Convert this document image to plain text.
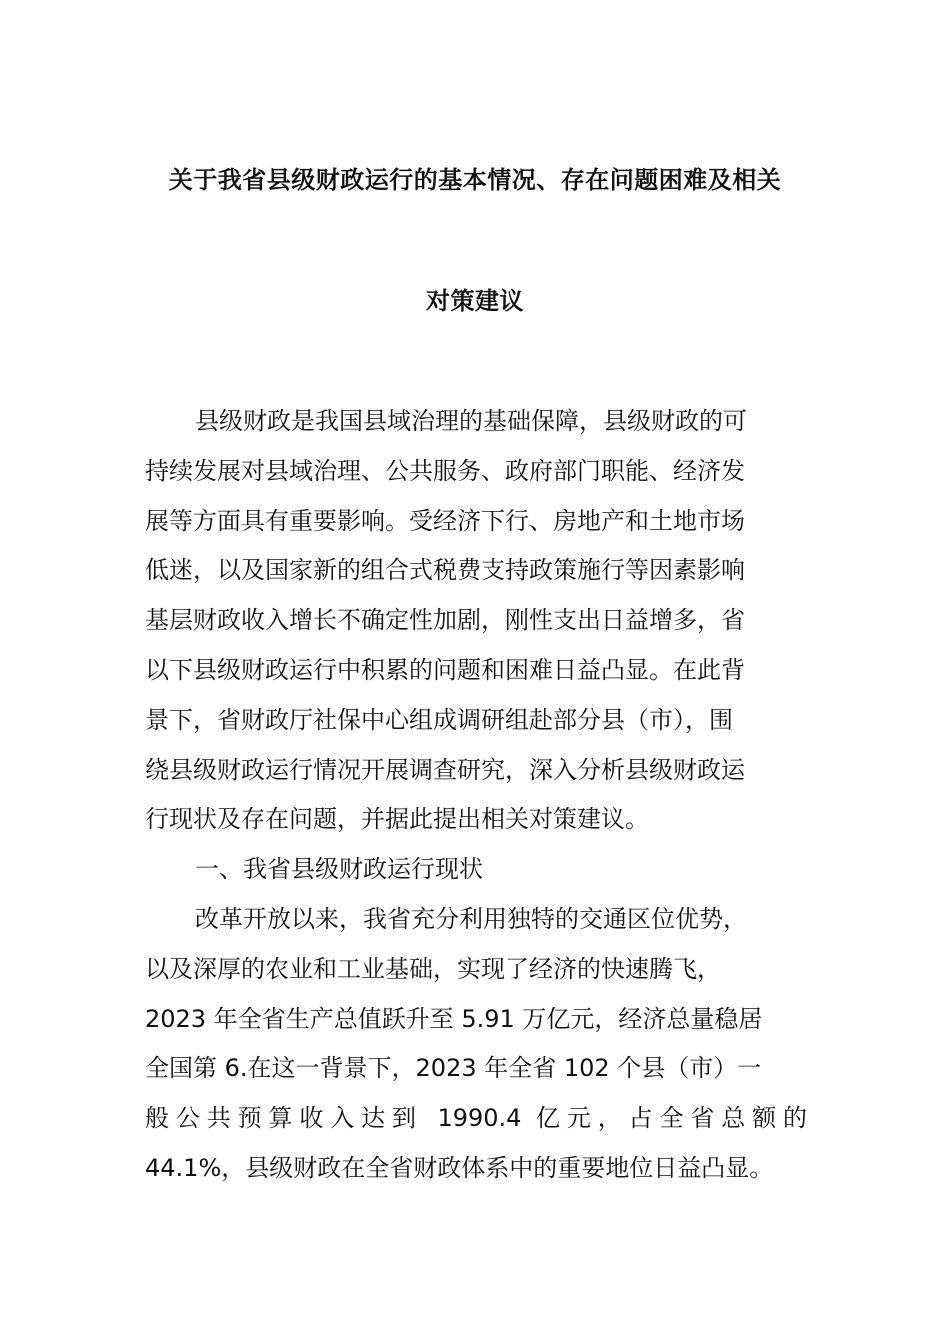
关于我省县级财政运行的基本情况、存在问题困难及相关
对策建议
县级财政是我国县域治理的基础保障，县级财政的可
持续发展对县域治理、公共服务、政府部门职能、经济发
展等方面具有重要影响。受经济下行、房地产和土地市场
低迷，以及国家新的组合式税费支持政策施行等因素影响
基层财政收入增长不确定性加剧，刚性支出日益增多，省
以下县级财政运行中积累的问题和困难日益凸显。在此背
景下，省财政厅社保中心组成调研组赴部分县（市），围
绕县级财政运行情况开展调查研究，深入分析县级财政运
行现状及存在问题，并据此提出相关对策建议。
一、我省县级财政运行现状
改革开放以来，我省充分利用独特的交通区位优势，
以及深厚的农业和工业基础，实现了经济的快速腾飞，
2023 年全省生产总值跃升至 5.91 万亿元，经济总量稳居
全国第 6.在这一背景下，2023 年全省 102 个县（市）一
般公共预算收入达到 1990.4 亿元，占全省总额的
44.1%，县级财政在全省财政体系中的重要地位日益凸显。
